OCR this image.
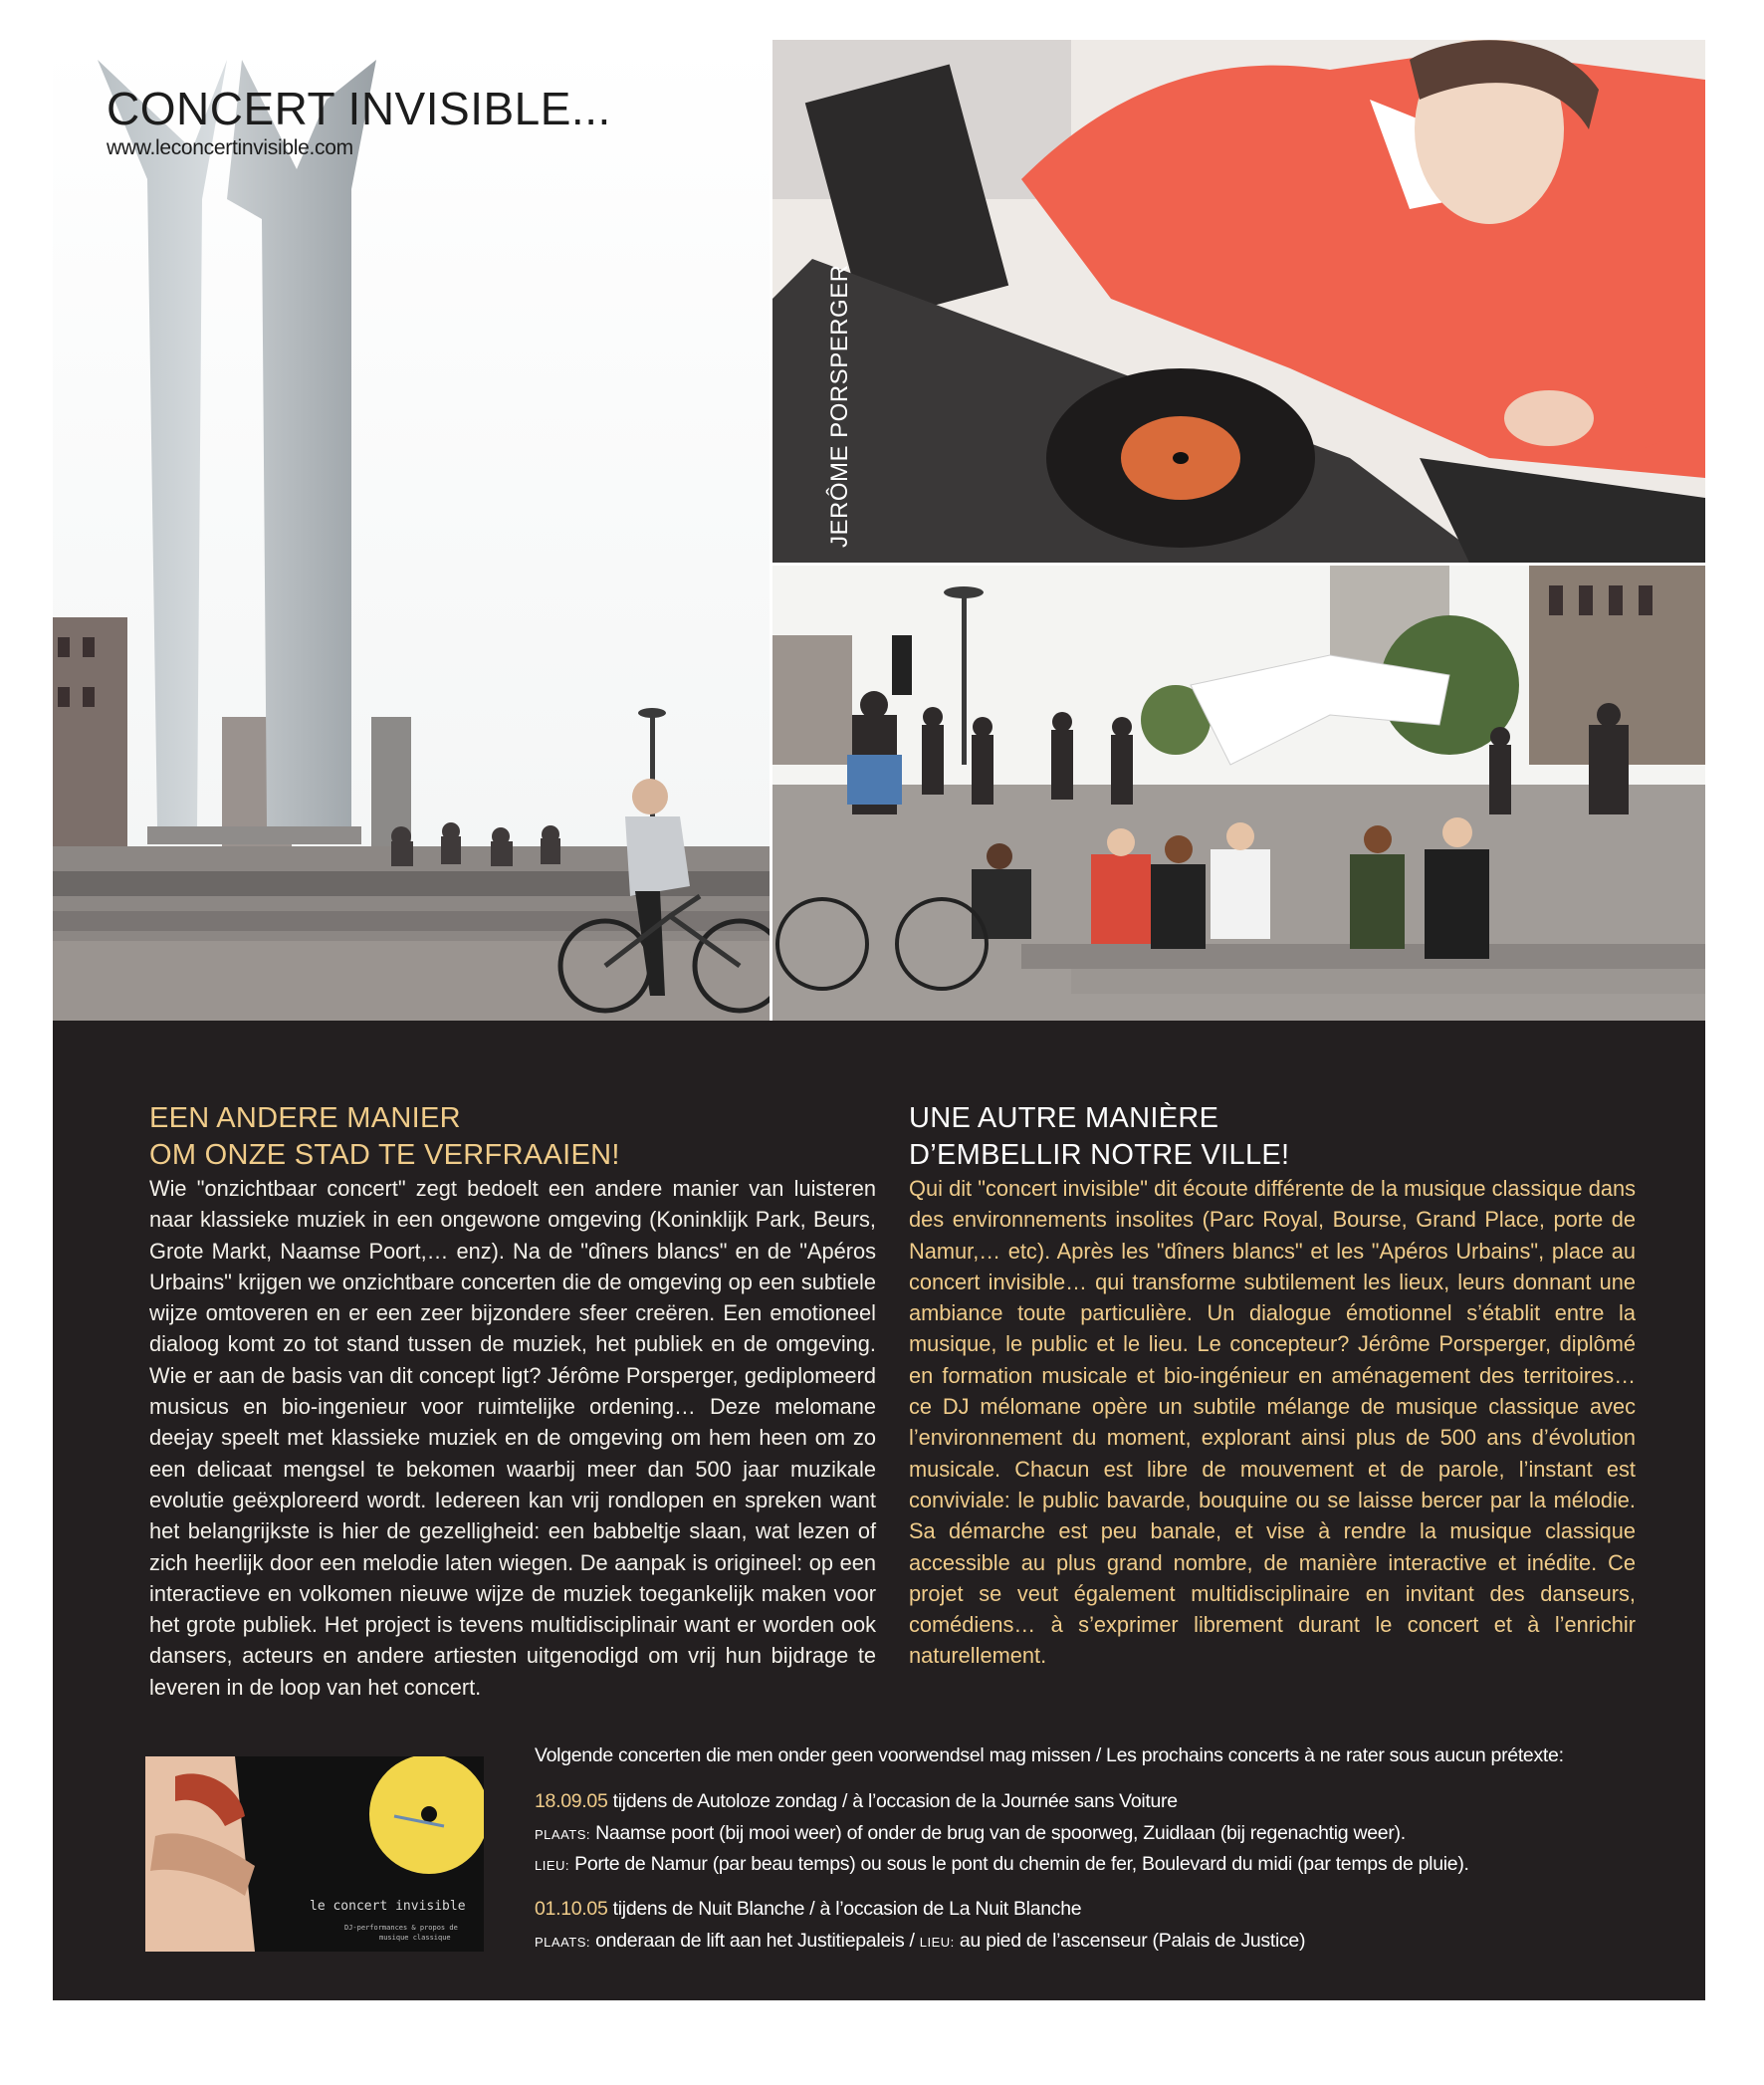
CONCERT INVISIBLE...
www.leconcertinvisible.com
JERÔME PORSPERGER
EEN ANDERE MANIER
OM ONZE STAD TE VERFRAAIEN!

Wie "onzichtbaar concert" zegt bedoelt een andere manier van luisteren naar klassieke muziek in een ongewone omgeving (Koninklijk Park, Beurs, Grote Markt, Naamse Poort,… enz). Na de "dîners blancs" en de "Apéros Urbains" krijgen we onzichtbare concerten die de omgeving op een subtiele wijze omtoveren en er een zeer bijzondere sfeer creëren. Een emotioneel dialoog komt zo tot stand tussen de muziek, het publiek en de omgeving. Wie er aan de basis van dit concept ligt? Jérôme Porsperger, gediplomeerd musicus en bio-ingenieur voor ruimtelijke ordening… Deze melomane deejay speelt met klassieke muziek en de omgeving om hem heen om zo een delicaat mengsel te bekomen waarbij meer dan 500 jaar muzikale evolutie geëxploreerd wordt. Iedereen kan vrij rondlopen en spreken want het belangrijkste is hier de gezelligheid: een babbeltje slaan, wat lezen of zich heerlijk door een melodie laten wiegen. De aanpak is origineel: op een interactieve en volkomen nieuwe wijze de muziek toegankelijk maken voor het grote publiek. Het project is tevens multidisciplinair want er worden ook dansers, acteurs en andere artiesten uitgenodigd om vrij hun bijdrage te leveren in de loop van het concert.

UNE AUTRE MANIÈRE
D’EMBELLIR NOTRE VILLE!

Qui dit "concert invisible" dit écoute différente de la musique classique dans des environnements insolites (Parc Royal, Bourse, Grand Place, porte de Namur,… etc). Après les "dîners blancs" et les "Apéros Urbains", place au concert invisible… qui transforme subtilement les lieux, leurs donnant une ambiance toute particulière. Un dialogue émotionnel s’établit entre la musique, le public et le lieu. Le concepteur? Jérôme Porsperger, diplômé en formation musicale et bio-ingénieur en aménagement des territoires… ce DJ mélomane opère un subtile mélange de musique classique avec l’environnement du moment, explorant ainsi plus de 500 ans d’évolution musicale. Chacun est libre de mouvement et de parole, l’instant est conviviale: le public bavarde, bouquine ou se laisse bercer par la mélodie. Sa démarche est peu banale, et vise à rendre la musique classique accessible au plus grand nombre, de manière interactive et inédite. Ce projet se veut également multidisciplinaire en invitant des danseurs, comédiens… à s’exprimer librement durant le concert et à l’enrichir naturellement.

le concert invisible
DJ-performances & propos de
musique classique
Volgende concerten die men onder geen voorwendsel mag missen / Les prochains concerts à ne rater sous aucun prétexte:
18.09.05 tijdens de Autoloze zondag / à l’occasion de la Journée sans Voiture
PLAATS: Naamse poort (bij mooi weer) of onder de brug van de spoorweg, Zuidlaan (bij regenachtig weer).
LIEU: Porte de Namur (par beau temps) ou sous le pont du chemin de fer, Boulevard du midi (par temps de pluie).
01.10.05 tijdens de Nuit Blanche / à l’occasion de La Nuit Blanche
PLAATS: onderaan de lift aan het Justitiepaleis / LIEU: au pied de l’ascenseur (Palais de Justice)
